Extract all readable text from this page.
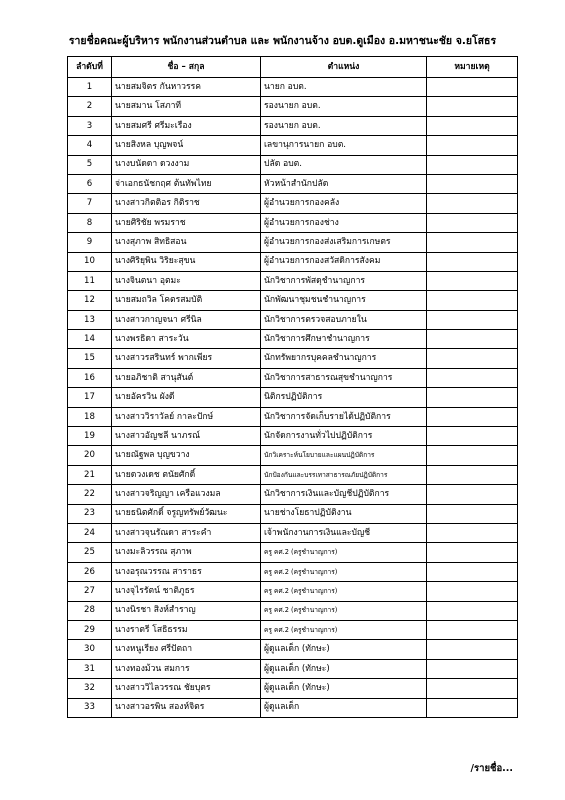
รายชื่อคณะผู้บริหาร พนักงานส่วนตำบล และ พนักงานจ้าง อบต.ดูเมือง อ.มหาชนะชัย จ.ยโสธร
ลำดับที่	ชื่อ – สกุล	ตำแหน่ง	หมายเหตุ
1	นายสมจิตร กันหาวรรค	นายก อบต.	
2	นายสมาน โสภาที	รองนายก อบต.	
3	นายสมศรี ศรีมะเรือง	รองนายก อบต.	
4	นายสิงหล บุญพจน์	เลขานุการนายก อบต.	
5	นางบนัดดา ดวงงาม	ปลัด อบต.	
6	จ่าเอกธนัชกฤศ ต้นทัพไทย	หัวหน้าสำนักปลัด	
7	นางสาวกิตติอร กิติราช	ผู้อำนวยการกองคลัง	
8	นายศิริชัย พรมราช	ผู้อำนวยการกองช่าง	
9	นางสุภาพ สิทธิสอน	ผู้อำนวยการกองส่งเสริมการเกษตร	
10	นางศิริยุพิน วิริยะสุขน	ผู้อำนวยการกองสวัสดิการสังคม	
11	นางจินตนา อุตมะ	นักวิชาการพัสดุชำนาญการ	
12	นายสมถวิล โคตรสมบัติ	นักพัฒนาชุมชนชำนาญการ	
13	นางสาวกาญจนา ศรีนิล	นักวิชาการตรวจสอบภายใน	
14	นางพรธิดา สาระวัน	นักวิชาการศึกษาชำนาญการ	
15	นางสาวรสรินทร์ พากเพียร	นักทรัพยากรบุคคลชำนาญการ	
16	นายอภิชาติ สานุสันต์	นักวิชาการสาธารณสุขชำนาญการ	
17	นายอัครวิน ผังดี	นิติกรปฏิบัติการ	
18	นางสาววิราวัลย์ กาละปักษ์	นักวิชาการจัดเก็บรายได้ปฏิบัติการ	
19	นางสาวอัญชลี นาภรณ์	นักจัดการงานทั่วไปปฏิบัติการ	
20	นายณัฐพล บุญขวาง	นักวิเคราะห์นโยบายและแผนปฏิบัติการ	
21	นายดวงเดช ตนัยศักดิ์	นักป้องกันและบรรเทาสาธารณภัยปฏิบัติการ	
22	นางสาวจริญญา เครือแวงมล	นักวิชาการเงินและบัญชีปฏิบัติการ	
23	นายธนิตศักดิ์ จรูญทรัพย์วัฒนะ	นายช่างโยธาปฏิบัติงาน	
24	นางสาวจุนรัณดา สาระคำ	เจ้าพนักงานการเงินและบัญชี	
25	นางมะลิวรรณ สุภาพ	ครู คศ.2 (ครูชำนาญการ)	
26	นางอรุณวรรณ สาราธร	ครู คศ.2 (ครูชำนาญการ)	
27	นางจุไรรัตน์ ชาติภูธร	ครู คศ.2 (ครูชำนาญการ)	
28	นางนิรชา สิงห์สำราญ	ครู คศ.2 (ครูชำนาญการ)	
29	นางราตรี โสธิธรรม	ครู คศ.2 (ครูชำนาญการ)	
30	นางหนูเรียง ศรีปัตถา	ผู้ดูแลเด็ก (ทักษะ)	
31	นางทองม้วน สมการ	ผู้ดูแลเด็ก (ทักษะ)	
32	นางสาววิไลวรรณ ชัยบุตร	ผู้ดูแลเด็ก (ทักษะ)	
33	นางสาวอรพิน สองห์จิตร	ผู้ดูแลเด็ก	
/รายชื่อ...
